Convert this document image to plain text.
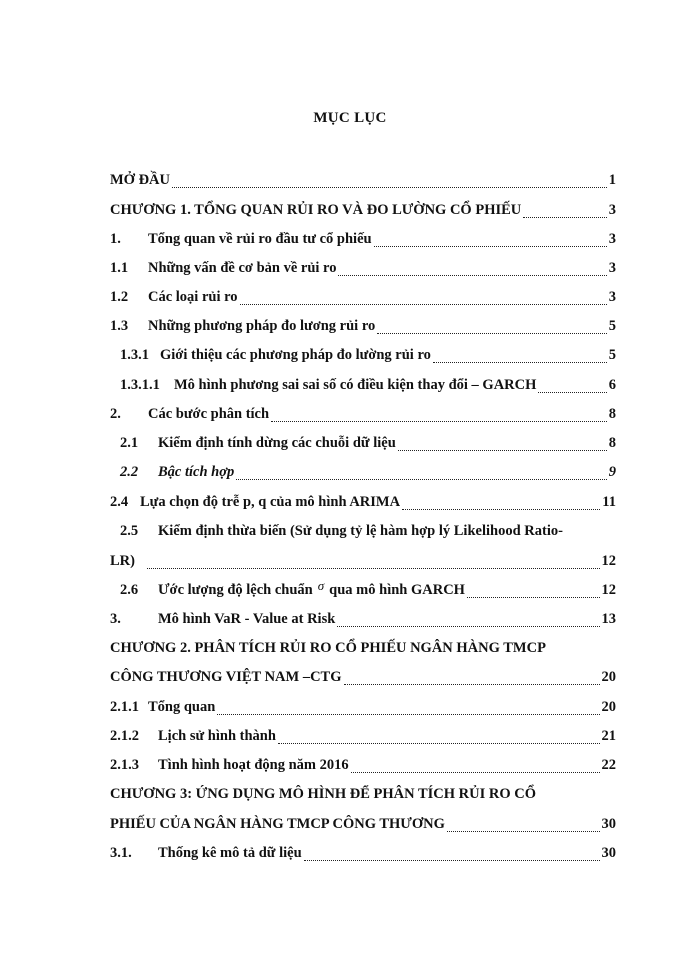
MỤC LỤC
MỞ ĐẦU	1
CHƯƠNG 1. TỔNG QUAN RỦI RO VÀ ĐO LƯỜNG CỔ PHIẾU	3
1.	Tổng quan về rủi ro đầu tư cổ phiếu	3
1.1	Những vấn đề cơ bản về rủi ro	3
1.2	Các loại rủi ro	3
1.3	Những phương pháp đo lương rủi ro	5
1.3.1 Giới thiệu các phương pháp đo lường rủi ro	5
1.3.1.1 Mô hình phương sai sai số có điều kiện thay đổi – GARCH	6
2.	Các bước phân tích	8
2.1	Kiểm định tính dừng các chuỗi dữ liệu	8
2.2	Bậc tích hợp	9
2.4 Lựa chọn độ trễ p, q của mô hình ARIMA	11
2.5 Kiểm định thừa biến (Sử dụng tỷ lệ hàm hợp lý Likelihood Ratio-
LR)	12
2.6	Ước lượng độ lệch chuẩn σ qua mô hình GARCH	12
3.	Mô hình VaR - Value at Risk	13
CHƯƠNG 2. PHÂN TÍCH RỦI RO CỔ PHIẾU NGÂN HÀNG TMCP
CÔNG THƯƠNG VIỆT NAM –CTG	20
2.1.1 Tổng quan	20
2.1.2	Lịch sử hình thành	21
2.1.3	Tình hình hoạt động năm 2016	22
CHƯƠNG 3: ỨNG DỤNG MÔ HÌNH ĐỂ PHÂN TÍCH RỦI RO CỔ
PHIẾU CỦA NGÂN HÀNG TMCP CÔNG THƯƠNG	30
3.1.	Thống kê mô tả dữ liệu	30
